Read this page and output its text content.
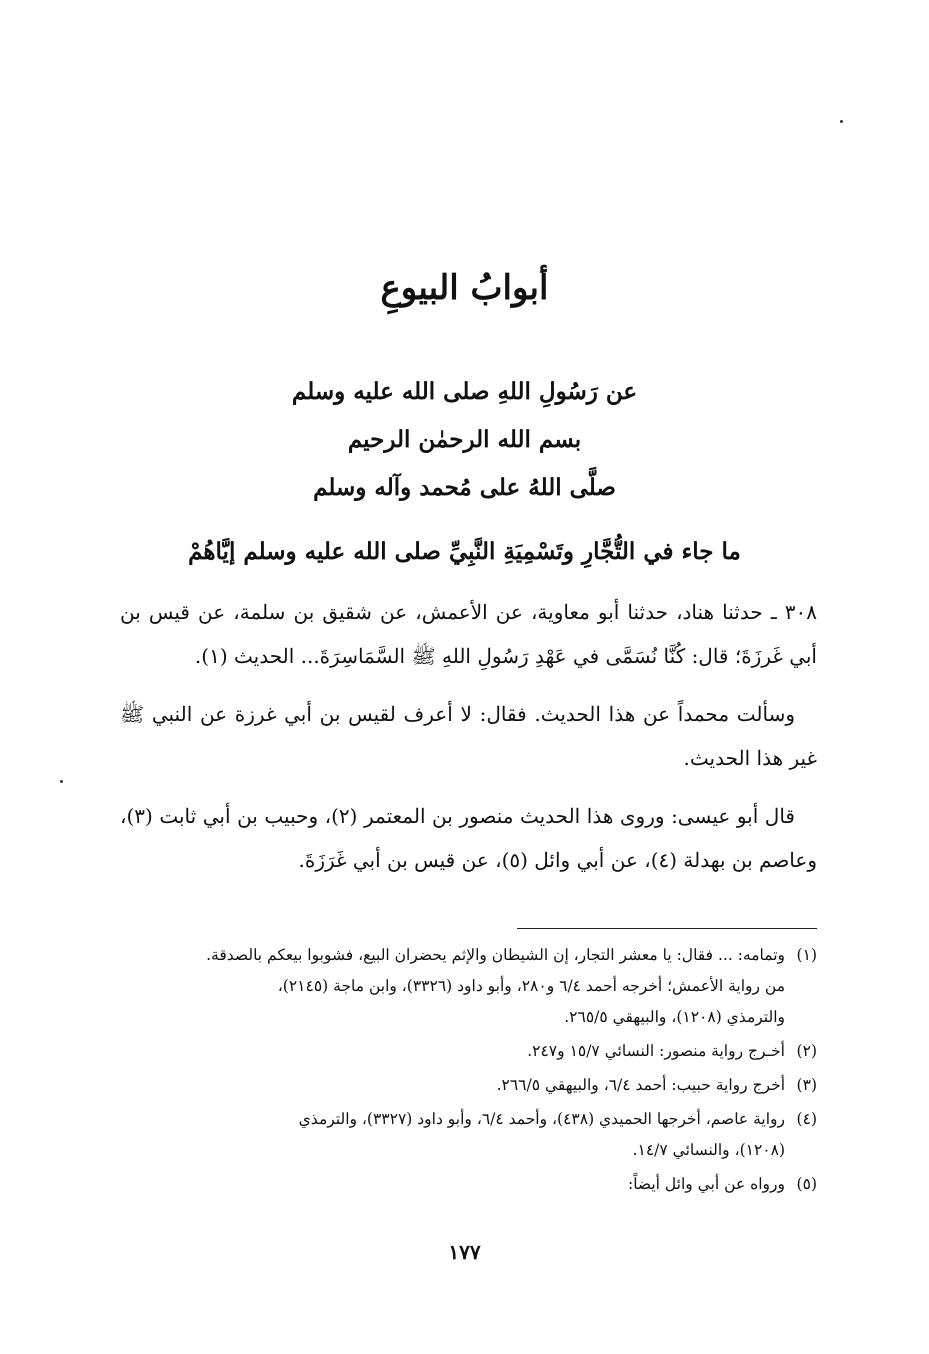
أبوابُ البيوعِ
عن رَسُولِ اللهِ صلى الله عليه وسلم
بسم الله الرحمٰن الرحيم
صلَّى اللهُ على مُحمد وآله وسلم
ما جاء في التُّجَّارِ وتَسْمِيَةِ النَّبِيِّ صلى الله عليه وسلم إيَّاهُمْ

٣٠٨ ـ حدثنا هناد، حدثنا أبو معاوية، عن الأعمش، عن شقيق بن سلمة، عن قيس بن أبي غَرزَةَ؛ قال: كُنَّا نُسَمَّى في عَهْدِ رَسُولِ اللهِ ﷺ السَّمَاسِرَةَ... الحديث (١).

وسألت محمداً عن هذا الحديث. فقال: لا أعرف لقيس بن أبي غرزة عن النبي ﷺ غير هذا الحديث.

قال أبو عيسى: وروى هذا الحديث منصور بن المعتمر (٢)، وحبيب بن أبي ثابت (٣)، وعاصم بن بهدلة (٤)، عن أبي وائل (٥)، عن قيس بن أبي غَرَزَةَ.

(١)وتمامه: ... فقال: يا معشر التجار، إن الشيطان والإثم يحضران البيع، فشوبوا بيعكم بالصدقة.
من رواية الأعمش؛ أخرجه أحمد ٦/٤ و٢٨٠، وأبو داود (٣٣٢٦)، وابن ماجة (٢١٤٥)،
والترمذي (١٢٠٨)، والبيهقي ٢٦٥/٥.
(٢)أخـرج رواية منصور: النسائي ١٥/٧ و٢٤٧.
(٣)أخرج رواية حبيب: أحمد ٦/٤، والبيهقي ٢٦٦/٥.
(٤)رواية عاصم، أخرجها الحميدي (٤٣٨)، وأحمد ٦/٤، وأبو داود (٣٣٢٧)، والترمذي
(١٢٠٨)، والنسائي ١٤/٧.
(٥)ورواه عن أبي وائل أيضاً:
١٧٧
